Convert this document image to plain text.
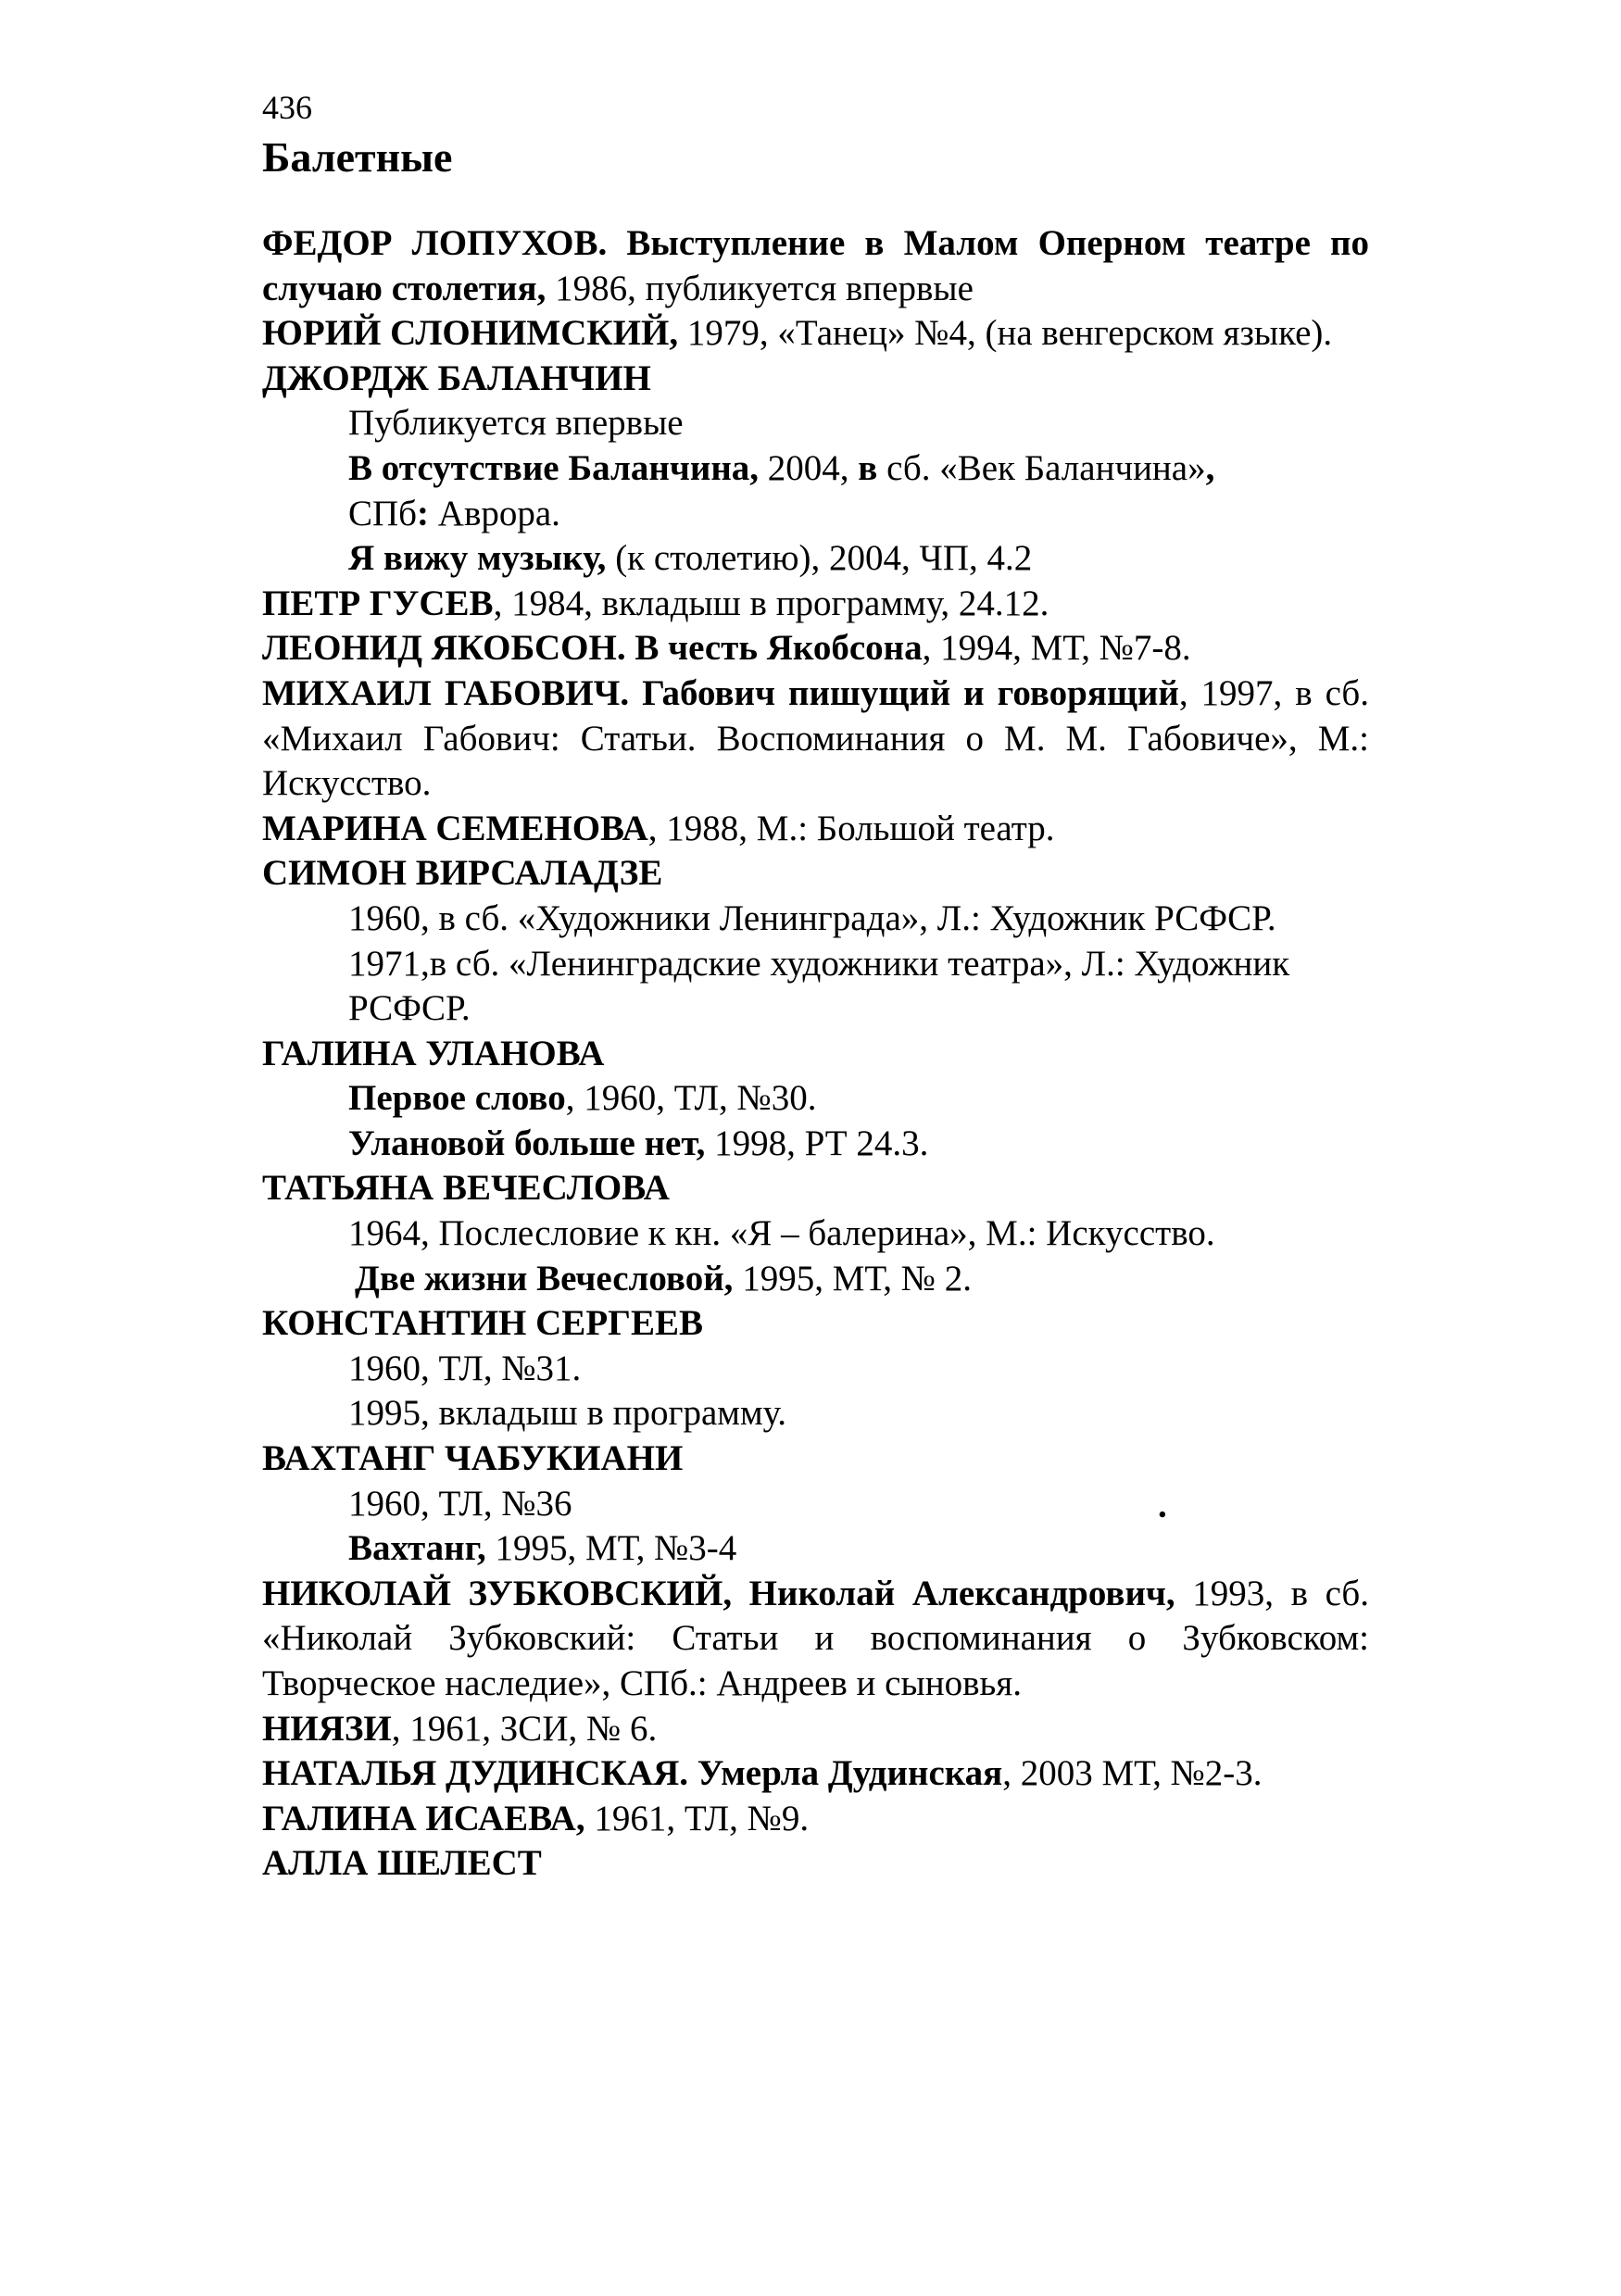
436
Балетные
ФЕДОР ЛОПУХОВ. Выступление в Малом Оперном театре по случаю столетия, 1986, публикуется впервые
ЮРИЙ СЛОНИМСКИЙ, 1979, «Танец» №4, (на венгерском языке).
ДЖОРДЖ БАЛАНЧИН
Публикуется впервые
В отсутствие Баланчина, 2004, в сб. «Век Баланчина»,
СПб: Аврора.
Я вижу музыку, (к столетию), 2004, ЧП, 4.2
ПЕТР ГУСЕВ, 1984, вкладыш в программу, 24.12.
ЛЕОНИД ЯКОБСОН. В честь Якобсона, 1994, МТ, №7-8.
МИХАИЛ ГАБОВИЧ. Габович пишущий и говорящий, 1997, в сб. «Михаил Габович: Статьи. Воспоминания о М. М. Габовиче», М.: Искусство.
МАРИНА СЕМЕНОВА, 1988, М.: Большой театр.
СИМОН ВИРСАЛАДЗЕ
1960, в сб. «Художники Ленинграда», Л.: Художник РСФСР.
1971,в сб. «Ленинградские художники театра», Л.: Художник РСФСР.
ГАЛИНА УЛАНОВА
Первое слово, 1960, ТЛ, №30.
Улановой больше нет, 1998, РТ 24.3.
ТАТЬЯНА ВЕЧЕСЛОВА
1964, Послесловие к кн. «Я – балерина», М.: Искусство.
Две жизни Вечесловой, 1995, МТ, № 2.
КОНСТАНТИН СЕРГЕЕВ
1960, ТЛ, №31.
1995, вкладыш в программу.
ВАХТАНГ ЧАБУКИАНИ
1960, ТЛ, №36
Вахтанг, 1995, МТ, №3-4
НИКОЛАЙ ЗУБКОВСКИЙ, Николай Александрович, 1993, в сб. «Николай Зубковский: Статьи и воспоминания о Зубковском: Творческое наследие», СПб.: Андреев и сыновья.
НИЯЗИ, 1961, ЗСИ, № 6.
НАТАЛЬЯ ДУДИНСКАЯ. Умерла Дудинская, 2003 МТ, №2-3.
ГАЛИНА ИСАЕВА, 1961, ТЛ, №9.
АЛЛА ШЕЛЕСТ
.
